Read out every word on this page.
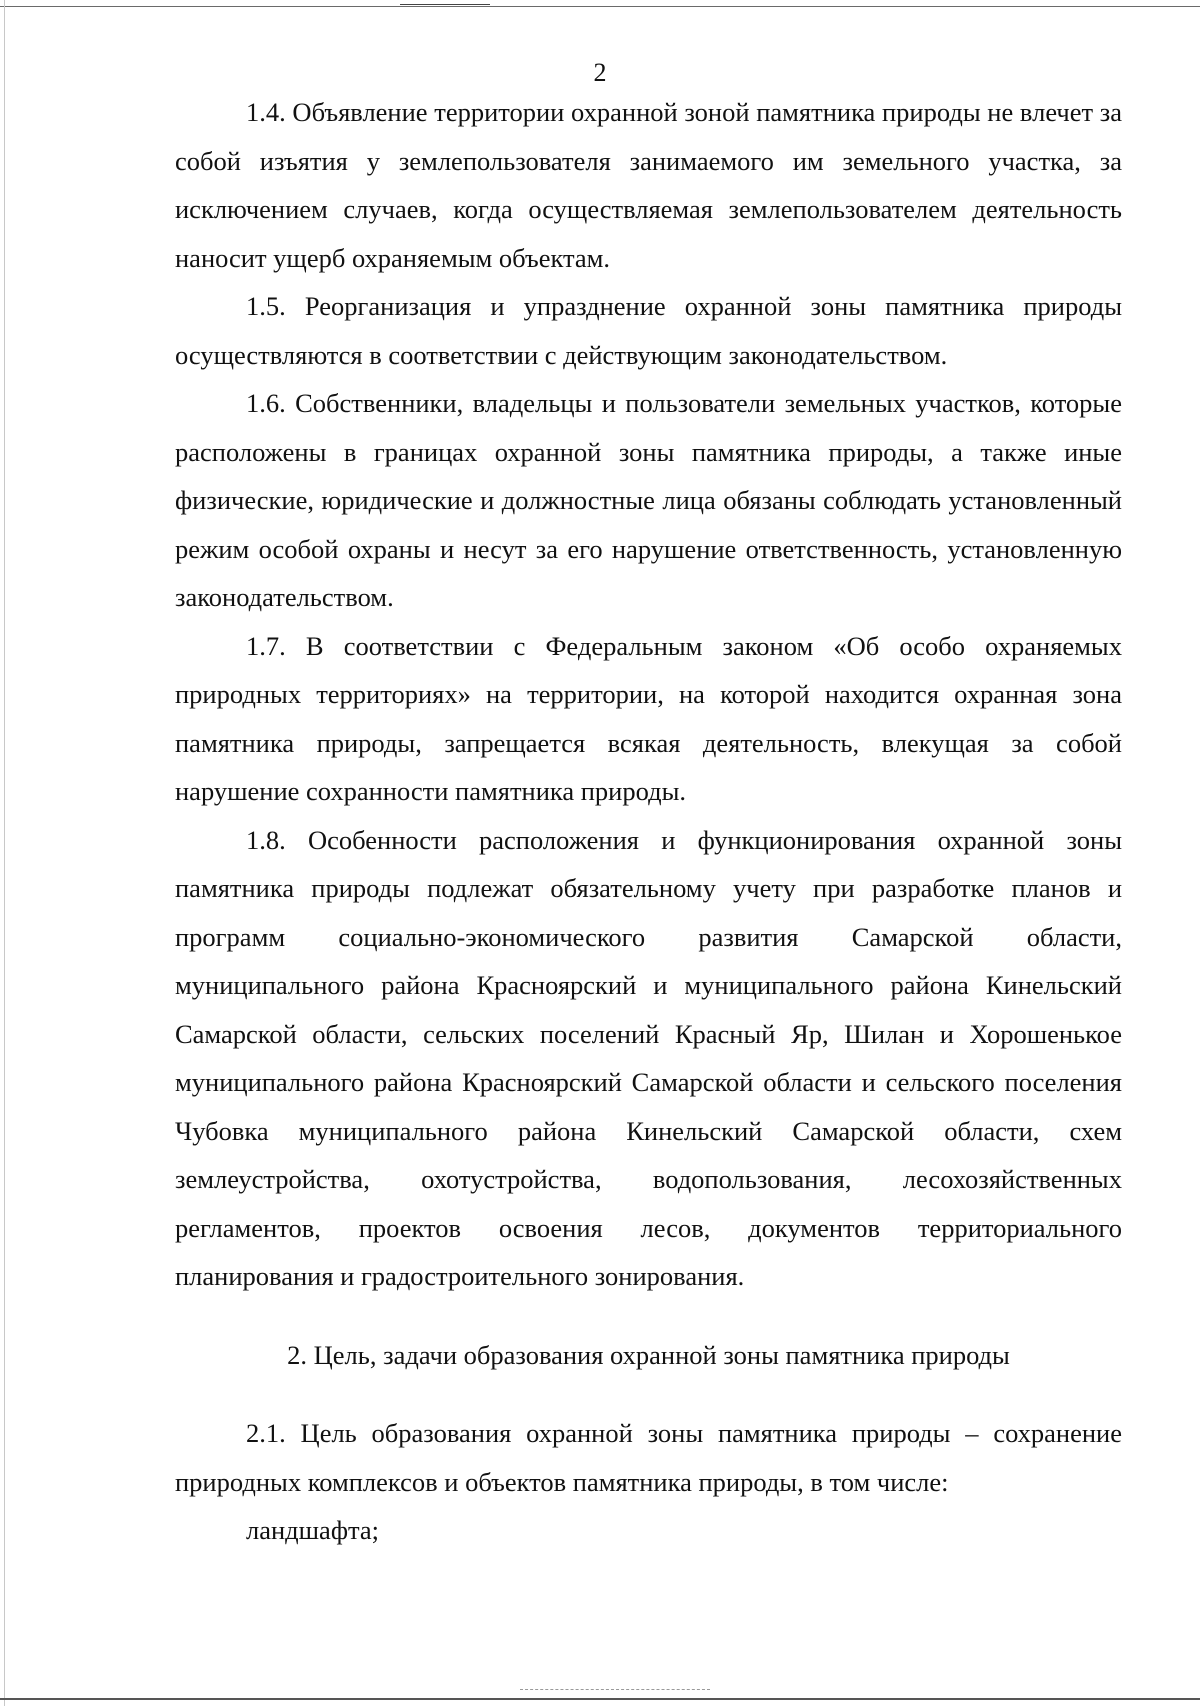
2

1.4. Объявление территории охранной зоной памятника природы не влечет за собой изъятия у землепользователя занимаемого им земельного участка, за исключением случаев, когда осуществляемая землепользователем деятельность наносит ущерб охраняемым объектам.

1.5. Реорганизация и упразднение охранной зоны памятника природы осуществляются в соответствии с действующим законодательством.

1.6. Собственники, владельцы и пользователи земельных участков, которые расположены в границах охранной зоны памятника природы, а также иные физические, юридические и должностные лица обязаны соблюдать установленный режим особой охраны и несут за его нарушение ответственность, установленную законодательством.

1.7. В соответствии с Федеральным законом «Об особо охраняемых природных территориях» на территории, на которой находится охранная зона памятника природы, запрещается всякая деятельность, влекущая за собой нарушение сохранности памятника природы.

1.8. Особенности расположения и функционирования охранной зоны памятника природы подлежат обязательному учету при разработке планов и программ социально-экономического развития Самарской области, муниципального района Красноярский и муниципального района Кинельский Самарской области, сельских поселений Красный Яр, Шилан и Хорошенькое муниципального района Красноярский Самарской области и сельского поселения Чубовка муниципального района Кинельский Самарской области, схем землеустройства, охотустройства, водопользования, лесохозяйственных регламентов, проектов освоения лесов, документов территориального планирования и градостроительного зонирования.

2. Цель, задачи образования охранной зоны памятника природы

2.1. Цель образования охранной зоны памятника природы – сохранение природных комплексов и объектов памятника природы, в том числе:

ландшафта;
